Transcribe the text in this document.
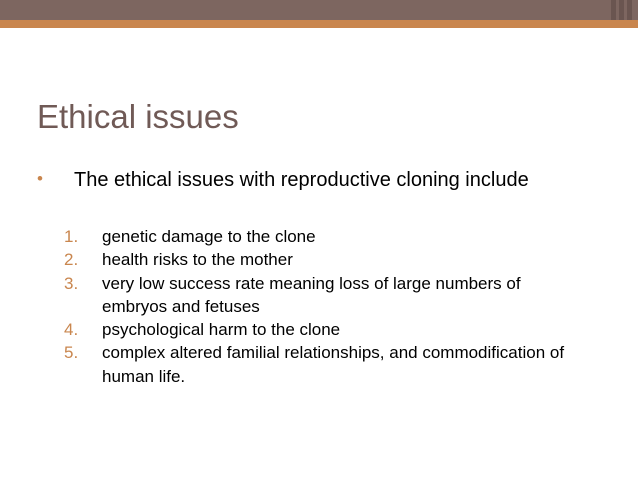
Ethical issues
• The ethical issues with reproductive cloning include
1. genetic damage to the clone
2. health risks to the mother
3. very low success rate meaning loss of large numbers of embryos and fetuses
4. psychological harm to the clone
5. complex altered familial relationships, and commodification of human life.
